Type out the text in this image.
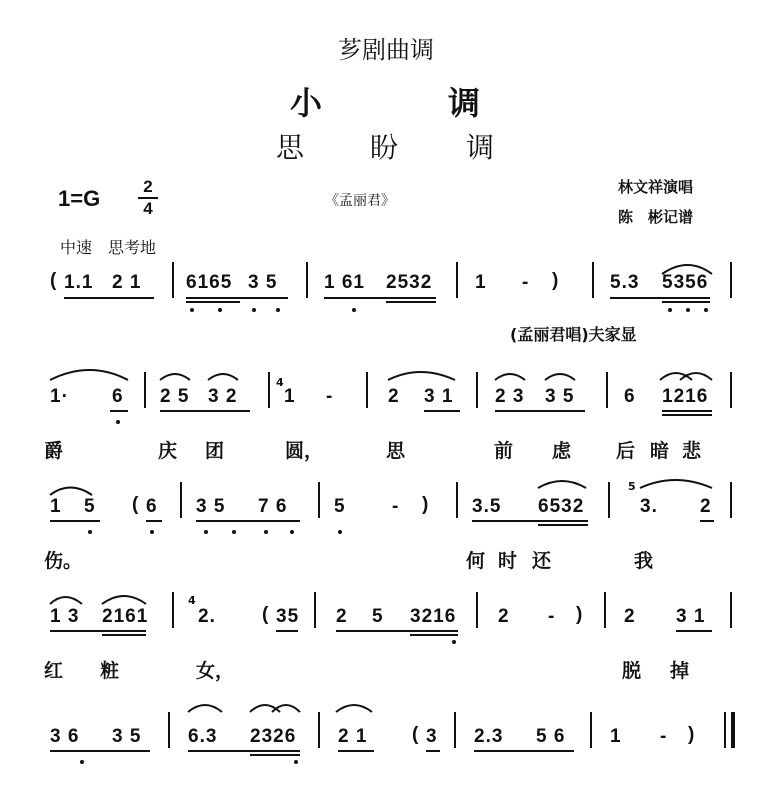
芗剧曲调
小	调
思 盼 调
1=G	2
4	《孟丽君》
林文祥演唱
陈　彬记谱
中速　思考地
( 1.1 2 1 6165 3 5 1 61 2532 1 - )	5.3 5356
(孟丽君唱)夫家显
1· 6 2 5 3 2
4
1 -	2 3 1 2 3 3 5	6 1216
爵	庆 团	圆，	思	前 虑 后 暗 悲
1 5 ( 6 3 5 7 6 5 - ) 3.5 6532
5
3. 2
伤。	何 时 还	我
1 3 2161
4
2. ( 35 2 5 3216 2 - ) 2 3 1
红 粧	女，	脱 掉
3 6 3 5 6.3 2326 2 1 ( 3 2.3 5 6 1 - )
